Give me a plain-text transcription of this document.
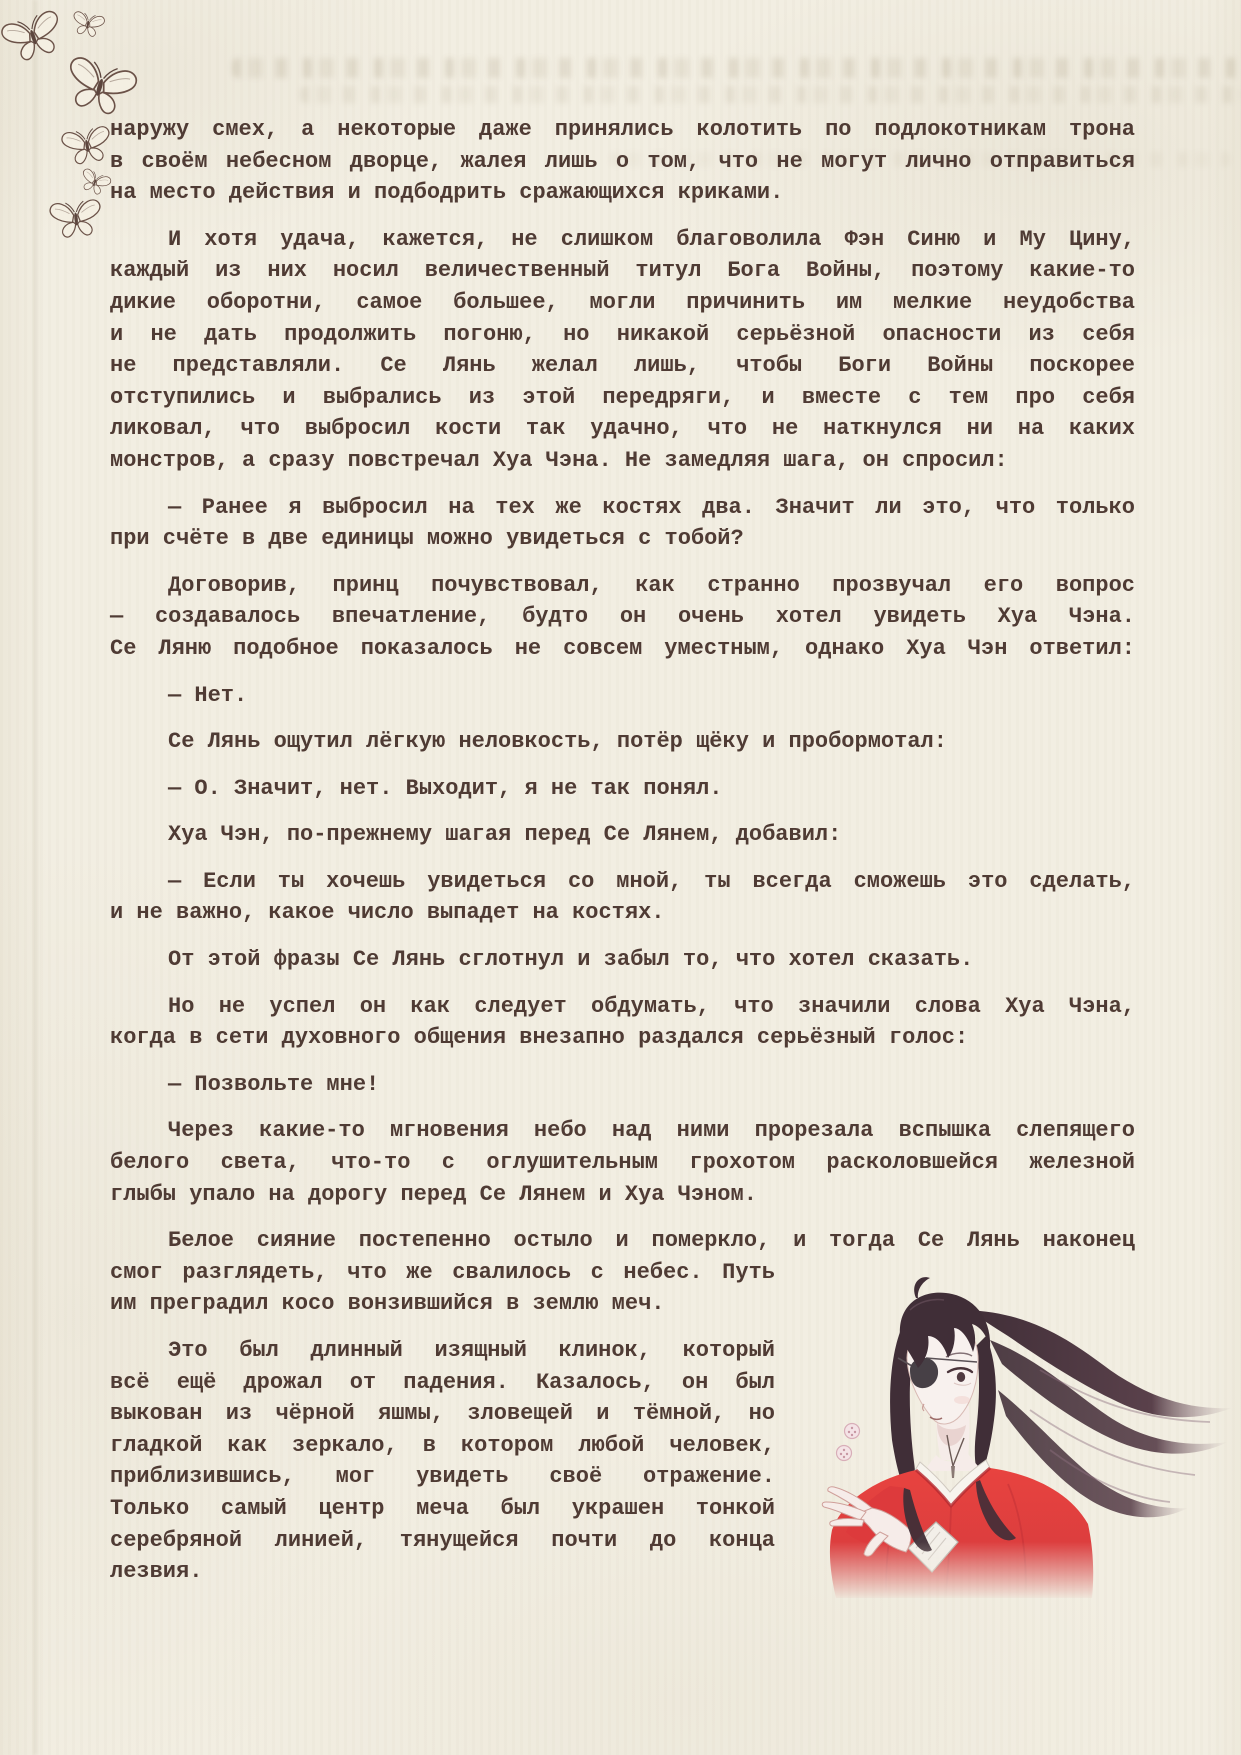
наружу смех, а некоторые даже принялись колотить по подлокотникам трона
в своём небесном дворце, жалея лишь о том, что не могут лично отправиться
на место действия и подбодрить сражающихся криками.
И хотя удача, кажется, не слишком благоволила Фэн Синю и Му Цину,
каждый из них носил величественный титул Бога Войны, поэтому какие-то
дикие оборотни, самое большее, могли причинить им мелкие неудобства
и не дать продолжить погоню, но никакой серьёзной опасности из себя
не представляли. Се Лянь желал лишь, чтобы Боги Войны поскорее
отступились и выбрались из этой передряги, и вместе с тем про себя
ликовал, что выбросил кости так удачно, что не наткнулся ни на каких
монстров, а сразу повстречал Хуа Чэна. Не замедляя шага, он спросил:
— Ранее я выбросил на тех же костях два. Значит ли это, что только
при счёте в две единицы можно увидеться с тобой?
Договорив, принц почувствовал, как странно прозвучал его вопрос
— создавалось впечатление, будто он очень хотел увидеть Хуа Чэна.
Се Ляню подобное показалось не совсем уместным, однако Хуа Чэн ответил:
— Нет.
Се Лянь ощутил лёгкую неловкость, потёр щёку и пробормотал:
— О. Значит, нет. Выходит, я не так понял.
Хуа Чэн, по-прежнему шагая перед Се Лянем, добавил:
— Если ты хочешь увидеться со мной, ты всегда сможешь это сделать,
и не важно, какое число выпадет на костях.
От этой фразы Се Лянь сглотнул и забыл то, что хотел сказать.
Но не успел он как следует обдумать, что значили слова Хуа Чэна,
когда в сети духовного общения внезапно раздался серьёзный голос:
— Позвольте мне!
Через какие-то мгновения небо над ними прорезала вспышка слепящего
белого света, что-то с оглушительным грохотом расколовшейся железной
глыбы упало на дорогу перед Се Лянем и Хуа Чэном.
Белое сияние постепенно остыло и померкло, и тогда Се Лянь наконец
смог разглядеть, что же свалилось с небес. Путь
им преградил косо вонзившийся в землю меч.
Это был длинный изящный клинок, который
всё ещё дрожал от падения. Казалось, он был
выкован из чёрной яшмы, зловещей и тёмной, но
гладкой как зеркало, в котором любой человек,
приблизившись, мог увидеть своё отражение.
Только самый центр меча был украшен тонкой
серебряной линией, тянущейся почти до конца
лезвия.
